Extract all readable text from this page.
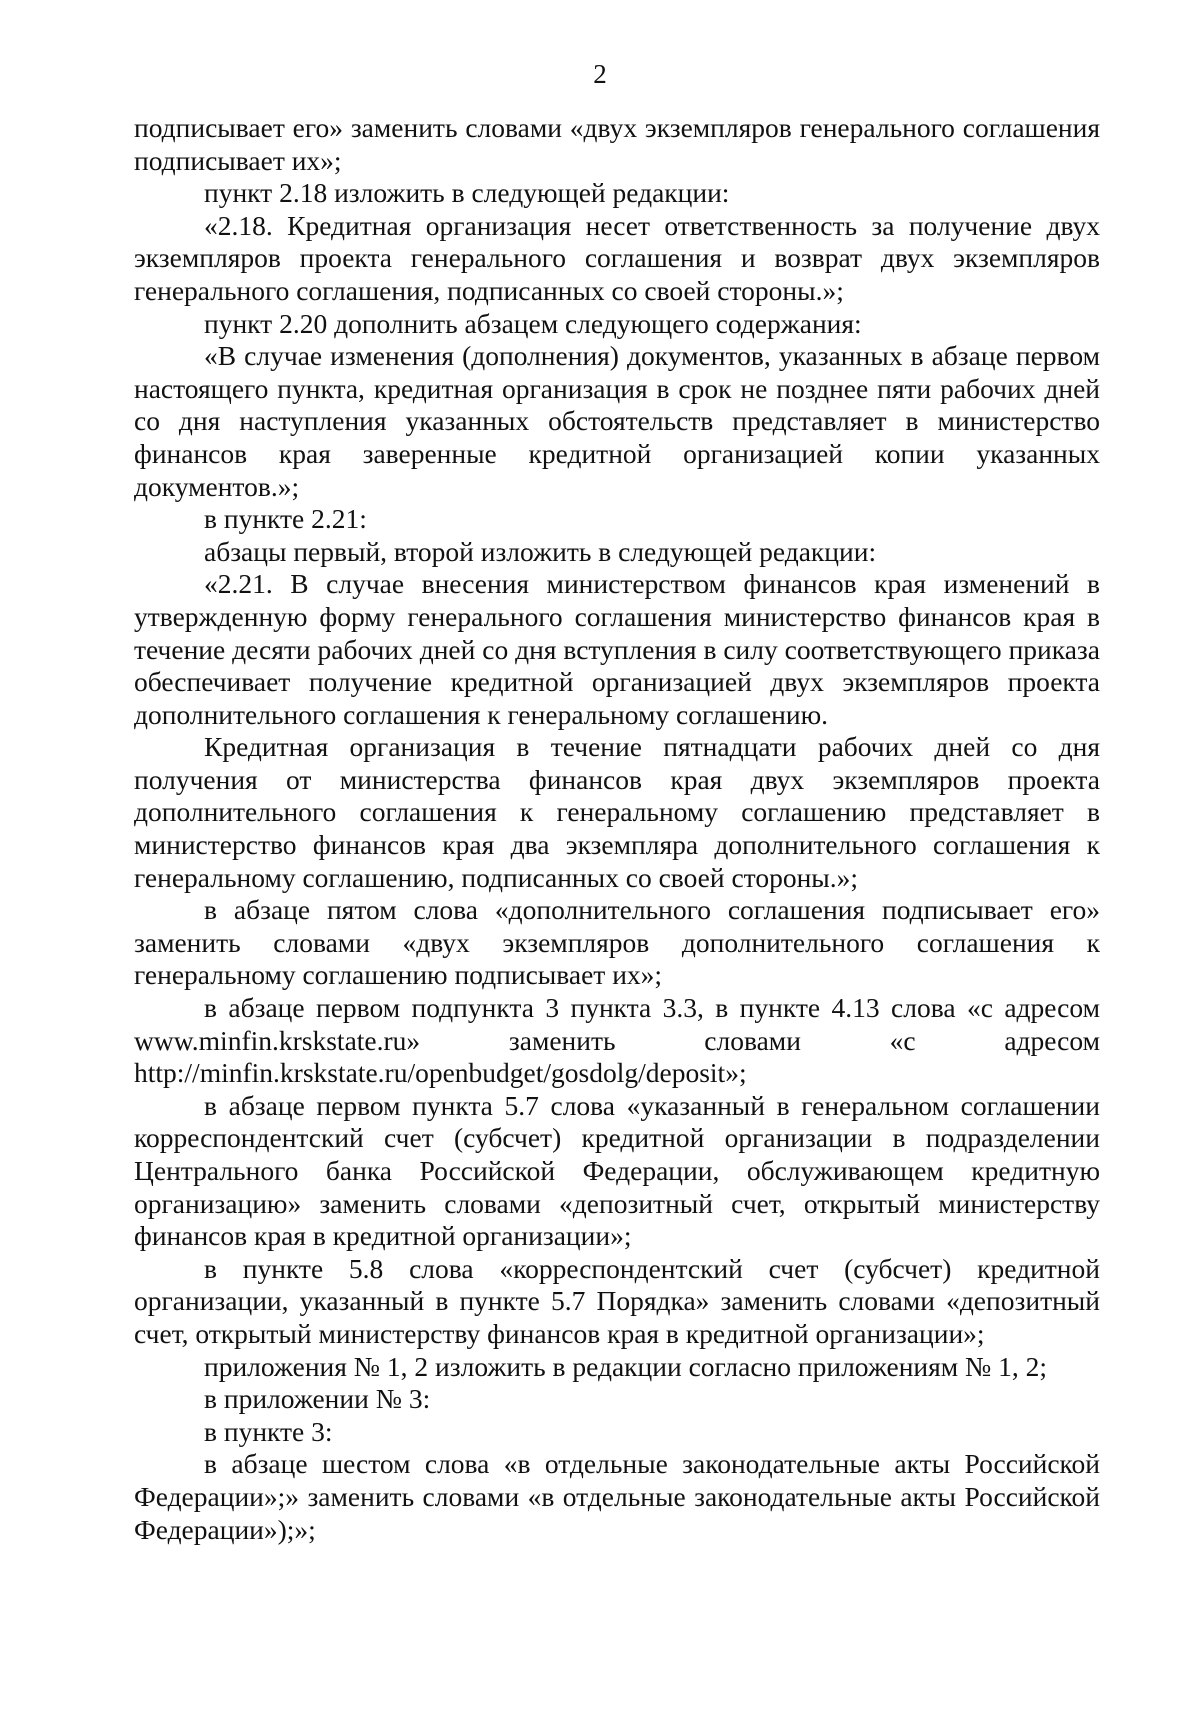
2

подписывает его» заменить словами «двух экземпляров генерального соглашения подписывает их»;

пункт 2.18 изложить в следующей редакции:

«2.18. Кредитная организация несет ответственность за получение двух экземпляров проекта генерального соглашения и возврат двух экземпляров генерального соглашения, подписанных со своей стороны.»;

пункт 2.20 дополнить абзацем следующего содержания:

«В случае изменения (дополнения) документов, указанных в абзаце первом настоящего пункта, кредитная организация в срок не позднее пяти рабочих дней со дня наступления указанных обстоятельств представляет в министерство финансов края заверенные кредитной организацией копии указанных документов.»;

в пункте 2.21:

абзацы первый, второй изложить в следующей редакции:

«2.21. В случае внесения министерством финансов края изменений в утвержденную форму генерального соглашения министерство финансов края в течение десяти рабочих дней со дня вступления в силу соответствующего приказа обеспечивает получение кредитной организацией двух экземпляров проекта дополнительного соглашения к генеральному соглашению.

Кредитная организация в течение пятнадцати рабочих дней со дня получения от министерства финансов края двух экземпляров проекта дополнительного соглашения к генеральному соглашению представляет в министерство финансов края два экземпляра дополнительного соглашения к генеральному соглашению, подписанных со своей стороны.»;

в абзаце пятом слова «дополнительного соглашения подписывает его» заменить словами «двух экземпляров дополнительного соглашения к генеральному соглашению подписывает их»;

в абзаце первом подпункта 3 пункта 3.3, в пункте 4.13 слова «с адресом www.minfin.krskstate.ru» заменить словами «с адресом http://minfin.krskstate.ru/openbudget/gosdolg/deposit»;

в абзаце первом пункта 5.7 слова «указанный в генеральном соглашении корреспондентский счет (субсчет) кредитной организации в подразделении Центрального банка Российской Федерации, обслуживающем кредитную организацию» заменить словами «депозитный счет, открытый министерству финансов края в кредитной организации»;

в пункте 5.8 слова «корреспондентский счет (субсчет) кредитной организации, указанный в пункте 5.7 Порядка» заменить словами «депозитный счет, открытый министерству финансов края в кредитной организации»;

приложения № 1, 2 изложить в редакции согласно приложениям № 1, 2;

в приложении № 3:

в пункте 3:

в абзаце шестом слова «в отдельные законодательные акты Российской Федерации»;» заменить словами «в отдельные законодательные акты Российской Федерации»);»;
